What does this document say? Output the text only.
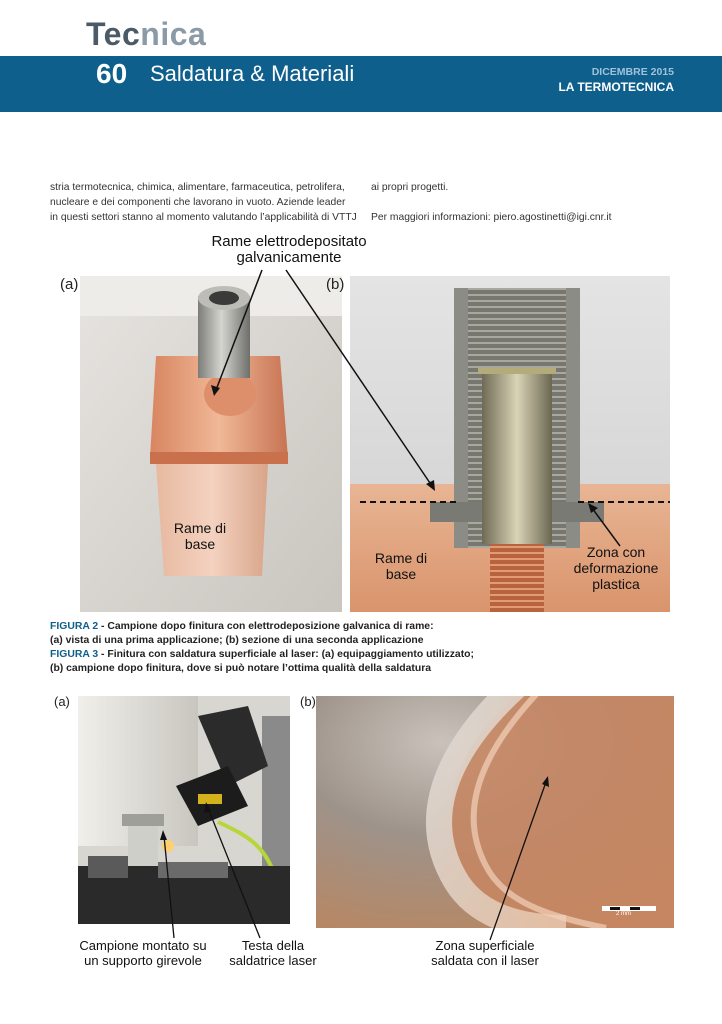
Tecnica
60 Saldatura & Materiali	DICEMBRE 2015
LA TERMOTECNICA
stria termotecnica, chimica, alimentare, farmaceutica, petrolifera,
nucleare e dei componenti che lavorano in vuoto. Aziende leader
in questi settori stanno al momento valutando l’applicabilità di VTTJ
ai propri progetti.
Per maggiori informazioni: piero.agostinetti@igi.cnr.it
(a)	(b)
Rame elettrodepositato
galvanicamente
Rame di
base
Rame di
base
Zona con
deformazione
plastica
FIGURA 2 - Campione dopo finitura con elettrodeposizione galvanica di rame:
(a) vista di una prima applicazione; (b) sezione di una seconda applicazione
FIGURA 3 - Finitura con saldatura superficiale al laser: (a) equipaggiamento utilizzato;
(b) campione dopo finitura, dove si può notare l’ottima qualità della saldatura
(a)	(b)
2 mm
Campione montato su
un supporto girevole
Testa della
saldatrice laser
Zona superficiale
saldata con il laser
